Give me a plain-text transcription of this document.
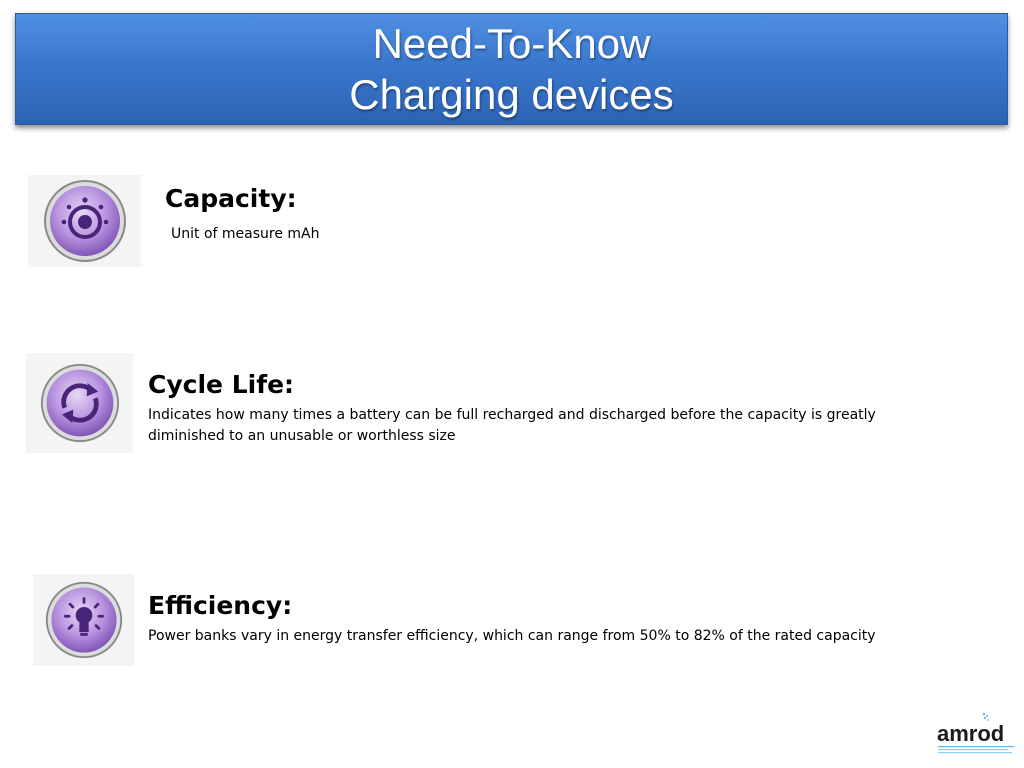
Need-To-Know
Charging devices
Capacity:
Unit of measure mAh
Cycle Life:
Indicates how many times a battery can be full recharged and discharged before the capacity is greatly diminished to an unusable or worthless size
Efficiency:
Power banks vary in energy transfer efficiency, which can range from 50% to 82% of the rated capacity
amrod
